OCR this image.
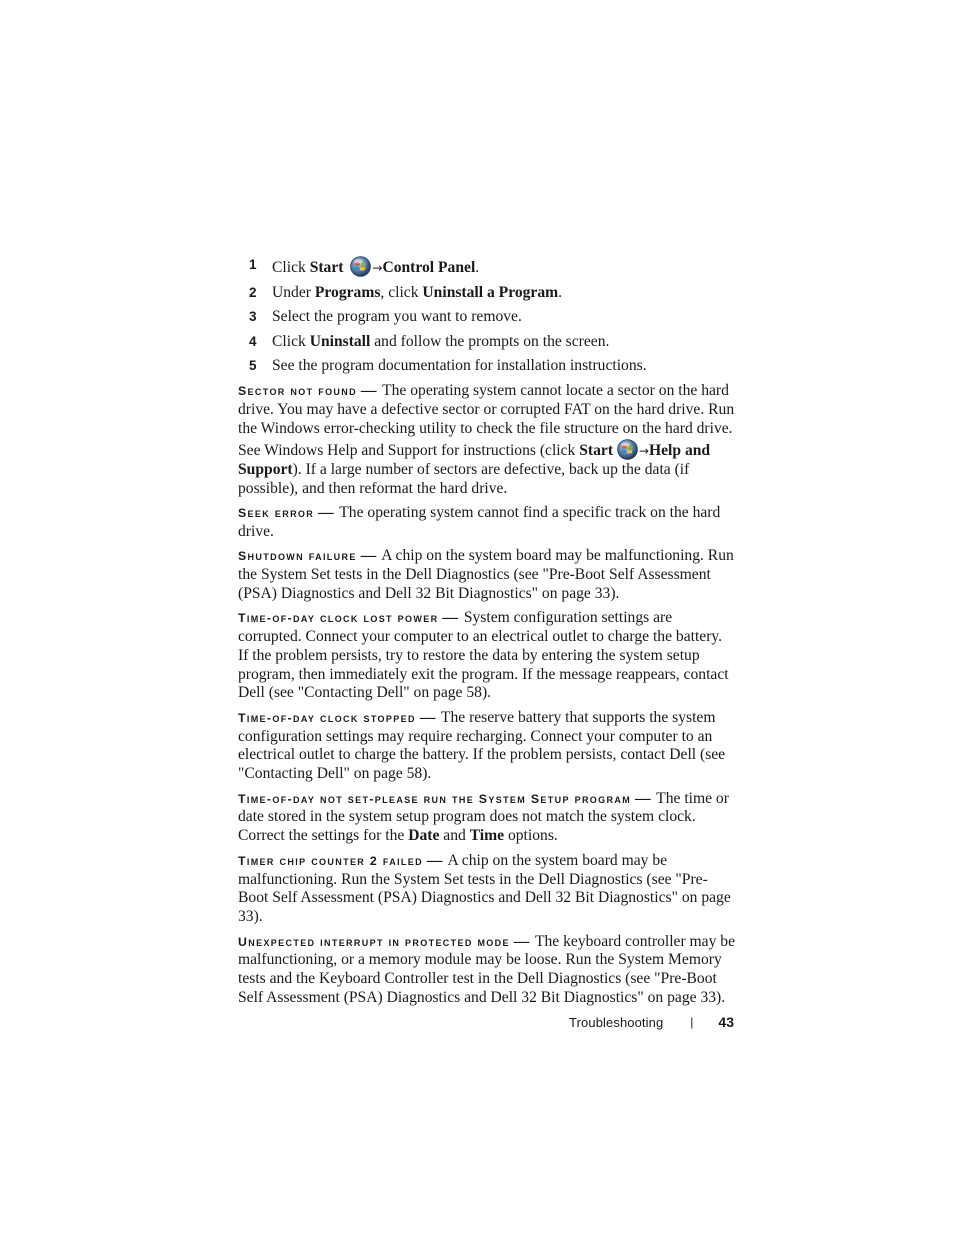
1 Click Start →Control Panel.
2 Under Programs, click Uninstall a Program.
3 Select the program you want to remove.
4 Click Uninstall and follow the prompts on the screen.
5 See the program documentation for installation instructions.

Sector not found — The operating system cannot locate a sector on the hard drive. You may have a defective sector or corrupted FAT on the hard drive. Run the Windows error-checking utility to check the file structure on the hard drive. See Windows Help and Support for instructions (click Start →Help and Support). If a large number of sectors are defective, back up the data (if possible), and then reformat the hard drive.

Seek error — The operating system cannot find a specific track on the hard drive.

Shutdown failure — A chip on the system board may be malfunctioning. Run the System Set tests in the Dell Diagnostics (see "Pre-Boot Self Assessment (PSA) Diagnostics and Dell 32 Bit Diagnostics" on page 33).

Time-of-day clock lost power — System configuration settings are corrupted. Connect your computer to an electrical outlet to charge the battery. If the problem persists, try to restore the data by entering the system setup program, then immediately exit the program. If the message reappears, contact Dell (see "Contacting Dell" on page 58).

Time-of-day clock stopped — The reserve battery that supports the system configuration settings may require recharging. Connect your computer to an electrical outlet to charge the battery. If the problem persists, contact Dell (see "Contacting Dell" on page 58).

Time-of-day not set-please run the System Setup program — The time or date stored in the system setup program does not match the system clock. Correct the settings for the Date and Time options.

Timer chip counter 2 failed — A chip on the system board may be malfunctioning. Run the System Set tests in the Dell Diagnostics (see "Pre-Boot Self Assessment (PSA) Diagnostics and Dell 32 Bit Diagnostics" on page 33).

Unexpected interrupt in protected mode — The keyboard controller may be malfunctioning, or a memory module may be loose. Run the System Memory tests and the Keyboard Controller test in the Dell Diagnostics (see "Pre-Boot Self Assessment (PSA) Diagnostics and Dell 32 Bit Diagnostics" on page 33).

Troubleshooting | 43
